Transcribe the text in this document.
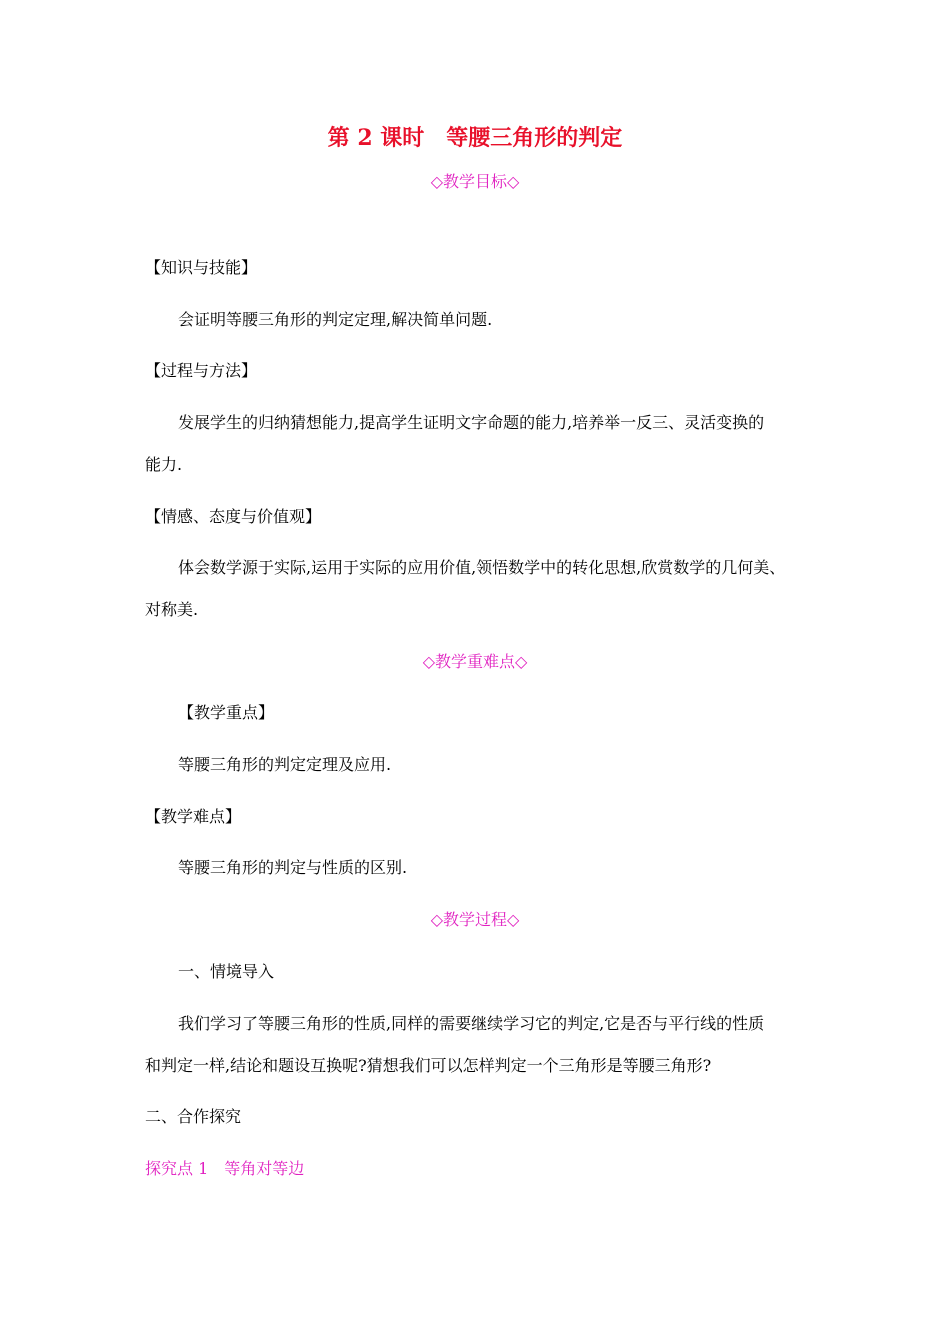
第 2 课时　等腰三角形的判定
◇教学目标◇
【知识与技能】
会证明等腰三角形的判定定理,解决简单问题.
【过程与方法】
发展学生的归纳猜想能力,提高学生证明文字命题的能力,培养举一反三、灵活变换的
能力.
【情感、态度与价值观】
体会数学源于实际,运用于实际的应用价值,领悟数学中的转化思想,欣赏数学的几何美、
对称美.
◇教学重难点◇
【教学重点】
等腰三角形的判定定理及应用.
【教学难点】
等腰三角形的判定与性质的区别.
◇教学过程◇
一、情境导入
我们学习了等腰三角形的性质,同样的需要继续学习它的判定,它是否与平行线的性质
和判定一样,结论和题设互换呢?猜想我们可以怎样判定一个三角形是等腰三角形?
二、合作探究
探究点 1　等角对等边
